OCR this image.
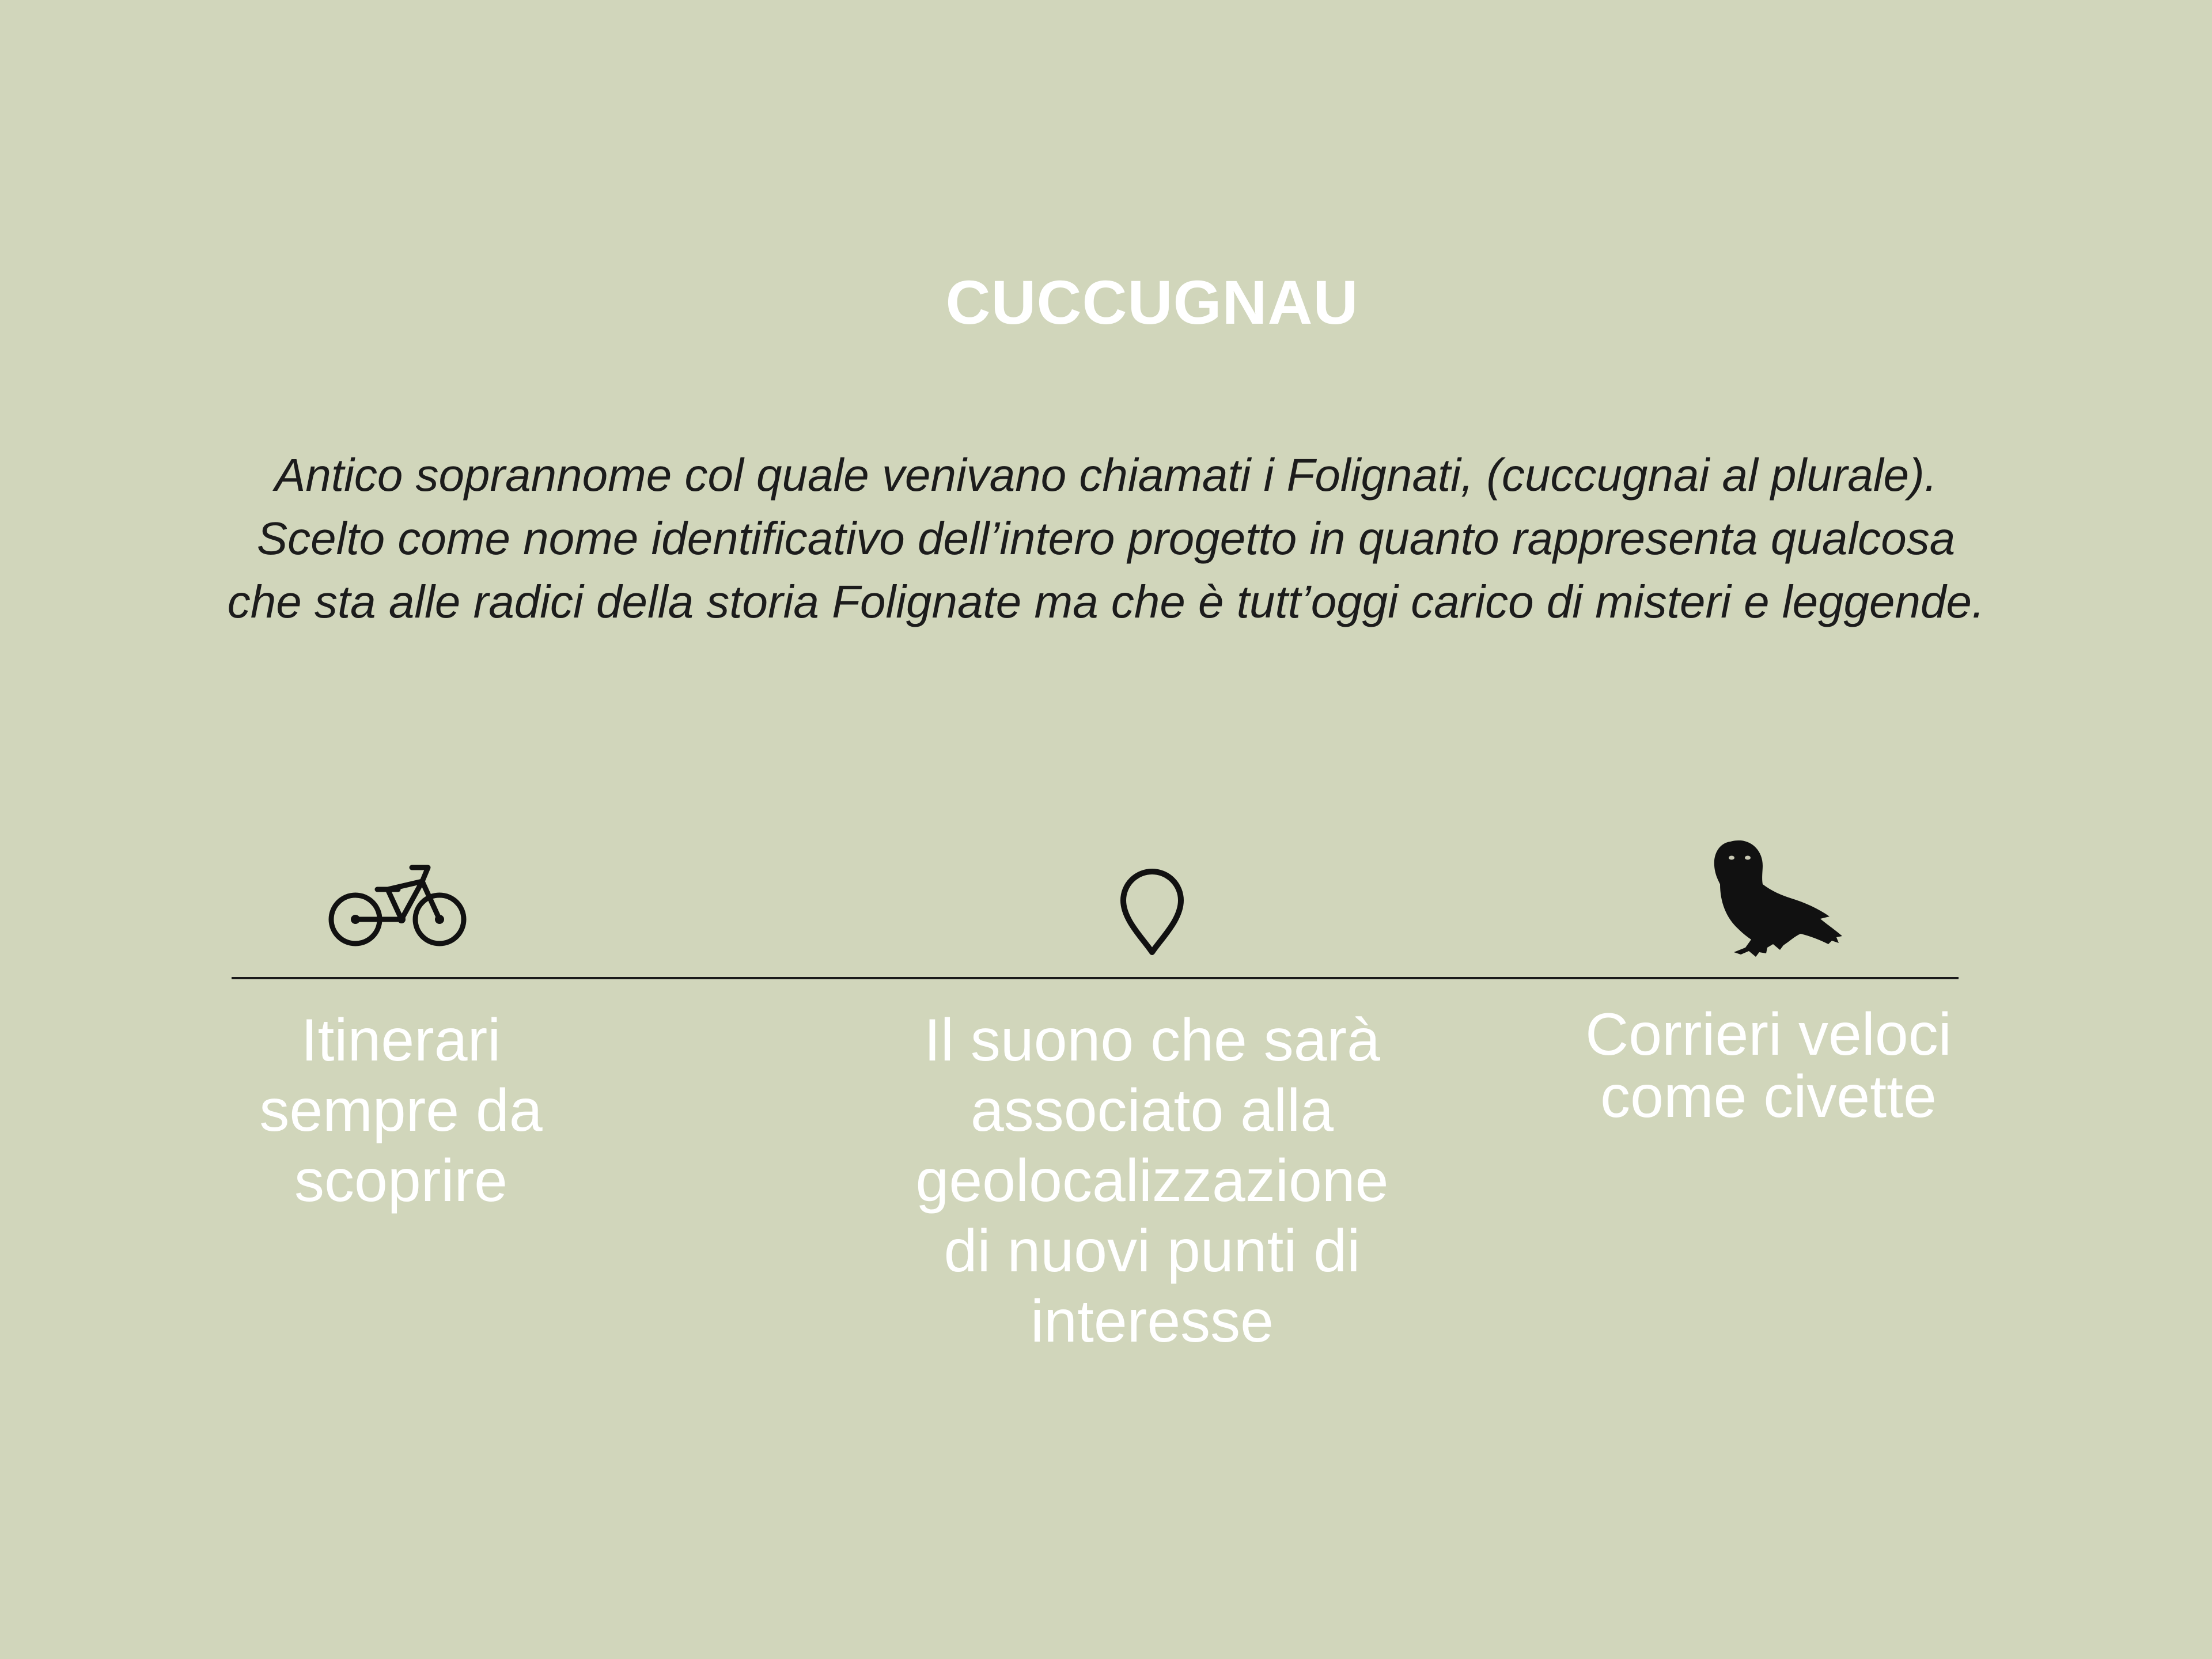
CUCCUGNAU

Antico soprannome col quale venivano chiamati i Folignati, (cuccugnai al plurale).
Scelto come nome identificativo dell’intero progetto in quanto rappresenta qualcosa
che sta alle radici della storia Folignate ma che è tutt’oggi carico di misteri e leggende.

Itinerari
sempre da
scoprire

Il suono che sarà
associato alla
geolocalizzazione
di nuovi punti di
interesse

Corrieri veloci
come civette
